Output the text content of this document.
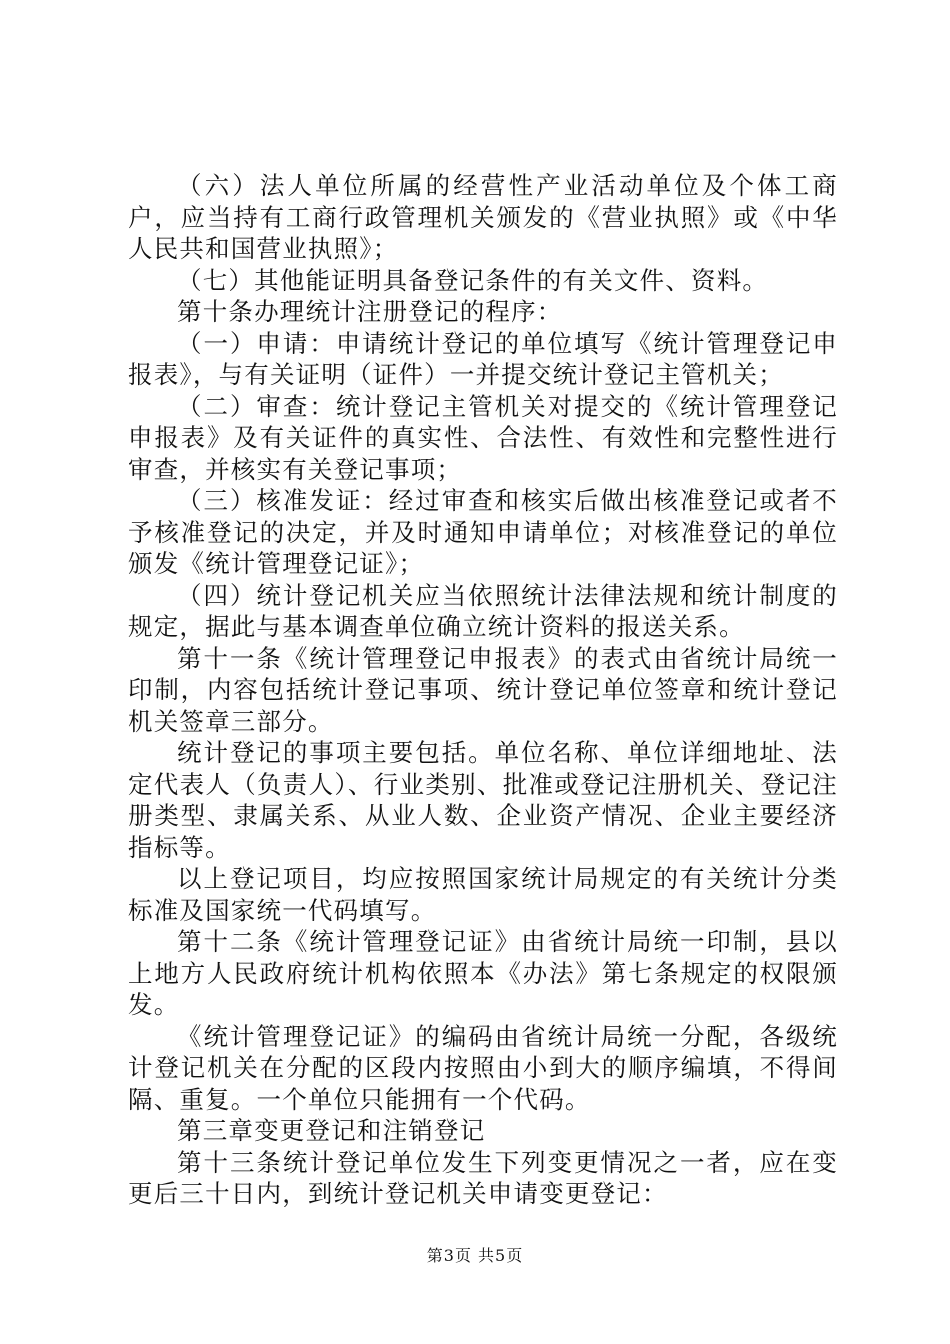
（六）法人单位所属的经营性产业活动单位及个体工商户，应当持有工商行政管理机关颁发的《营业执照》或《中华人民共和国营业执照》；

（七）其他能证明具备登记条件的有关文件、资料。

第十条办理统计注册登记的程序：

（一）申请：申请统计登记的单位填写《统计管理登记申报表》，与有关证明（证件）一并提交统计登记主管机关；

（二）审查：统计登记主管机关对提交的《统计管理登记申报表》及有关证件的真实性、合法性、有效性和完整性进行审查，并核实有关登记事项；

（三）核准发证：经过审查和核实后做出核准登记或者不予核准登记的决定，并及时通知申请单位；对核准登记的单位颁发《统计管理登记证》；

（四）统计登记机关应当依照统计法律法规和统计制度的规定，据此与基本调查单位确立统计资料的报送关系。

第十一条《统计管理登记申报表》的表式由省统计局统一印制，内容包括统计登记事项、统计登记单位签章和统计登记机关签章三部分。

统计登记的事项主要包括。单位名称、单位详细地址、法定代表人（负责人）、行业类别、批准或登记注册机关、登记注册类型、隶属关系、从业人数、企业资产情况、企业主要经济指标等。

以上登记项目，均应按照国家统计局规定的有关统计分类标准及国家统一代码填写。

第十二条《统计管理登记证》由省统计局统一印制，县以上地方人民政府统计机构依照本《办法》第七条规定的权限颁发。

《统计管理登记证》的编码由省统计局统一分配，各级统计登记机关在分配的区段内按照由小到大的顺序编填，不得间隔、重复。一个单位只能拥有一个代码。

第三章变更登记和注销登记

第十三条统计登记单位发生下列变更情况之一者，应在变更后三十日内，到统计登记机关申请变更登记：

第3页 共5页
